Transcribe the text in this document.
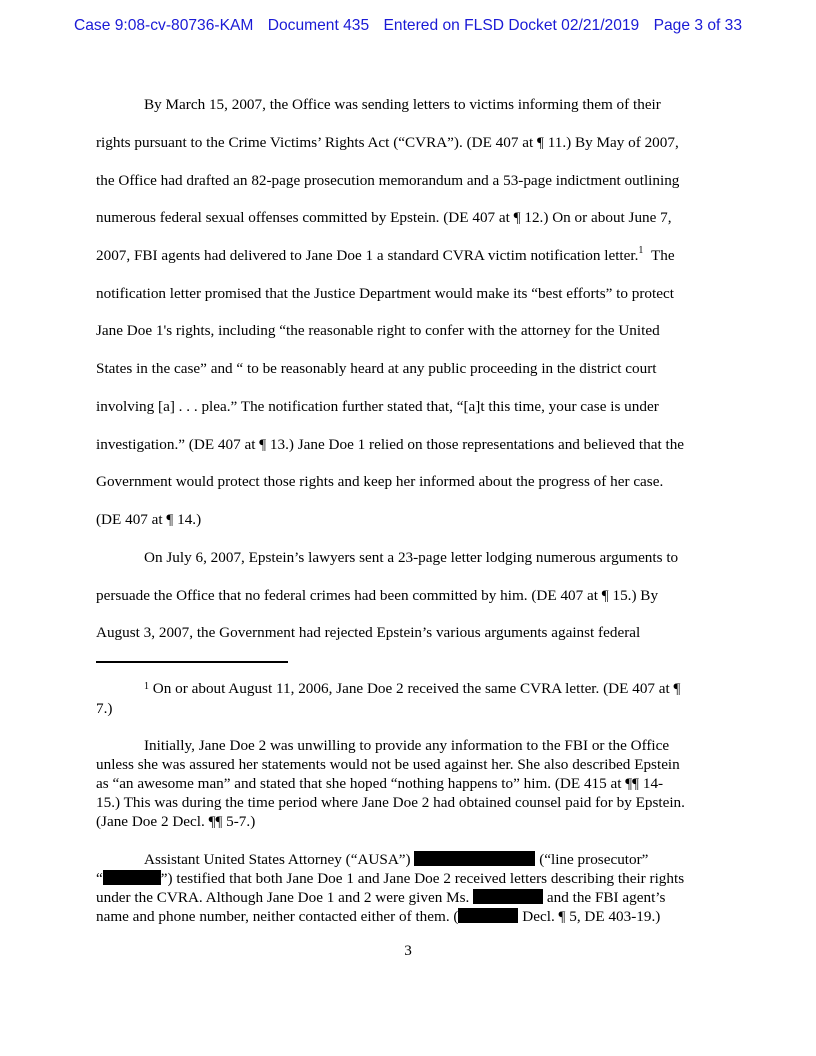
Case 9:08-cv-80736-KAM Document 435 Entered on FLSD Docket 02/21/2019 Page 3 of 33
By March 15, 2007, the Office was sending letters to victims informing them of their
rights pursuant to the Crime Victims’ Rights Act (“CVRA”). (DE 407 at ¶ 11.) By May of 2007,
the Office had drafted an 82-page prosecution memorandum and a 53-page indictment outlining
numerous federal sexual offenses committed by Epstein. (DE 407 at ¶ 12.) On or about June 7,
2007, FBI agents had delivered to Jane Doe 1 a standard CVRA victim notification letter.$^1$ The
notification letter promised that the Justice Department would make its “best efforts” to protect
Jane Doe 1's rights, including “the reasonable right to confer with the attorney for the United
States in the case” and “ to be reasonably heard at any public proceeding in the district court
involving [a] . . . plea.” The notification further stated that, “[a]t this time, your case is under
investigation.” (DE 407 at ¶ 13.) Jane Doe 1 relied on those representations and believed that the
Government would protect those rights and keep her informed about the progress of her case.
(DE 407 at ¶ 14.)
On July 6, 2007, Epstein’s lawyers sent a 23-page letter lodging numerous arguments to
persuade the Office that no federal crimes had been committed by him. (DE 407 at ¶ 15.) By
August 3, 2007, the Government had rejected Epstein’s various arguments against federal
$^1$ On or about August 11, 2006, Jane Doe 2 received the same CVRA letter. (DE 407 at ¶
7.)
Initially, Jane Doe 2 was unwilling to provide any information to the FBI or the Office
unless she was assured her statements would not be used against her. She also described Epstein
as “an awesome man” and stated that she hoped “nothing happens to” him. (DE 415 at ¶¶ 14-
15.) This was during the time period where Jane Doe 2 had obtained counsel paid for by Epstein.
(Jane Doe 2 Decl. ¶¶ 5-7.)
Assistant United States Attorney (“AUSA”)	(“line prosecutor”
“	”) testified that both Jane Doe 1 and Jane Doe 2 received letters describing their rights
under the CVRA. Although Jane Doe 1 and 2 were given Ms.	and the FBI agent’s
name and phone number, neither contacted either of them. (	Decl. ¶ 5, DE 403-19.)
3
